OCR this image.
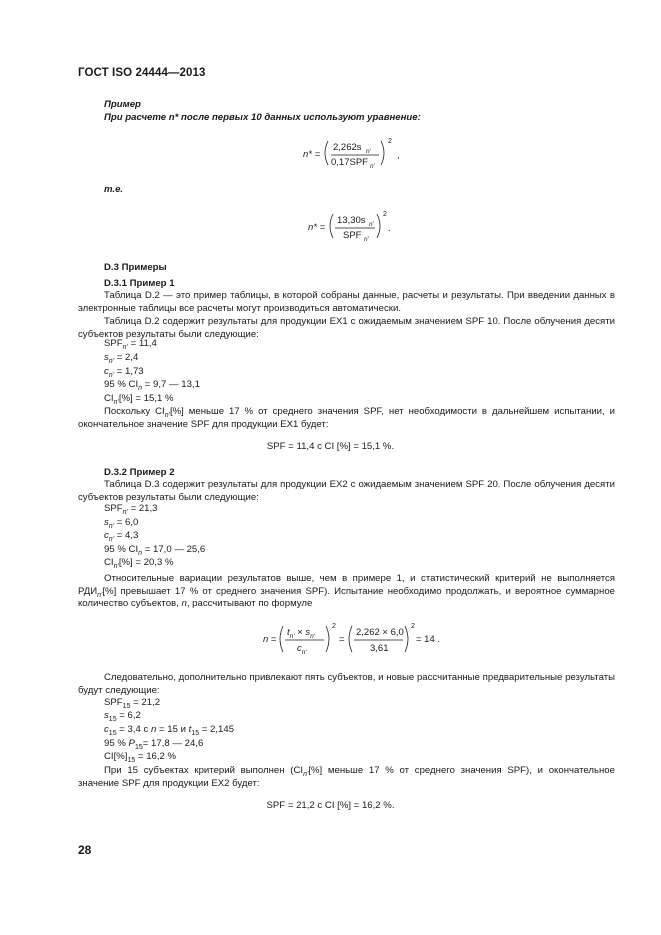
ГОСТ ISO 24444—2013
Пример
При расчете n* после первых 10 данных используют уравнение:
n* =
2,262s n'
0,17SPF n'
2
,
т.е.
n* =
13,30s n'
SPF n'
2
.
D.3 Примеры
D.3.1 Пример 1
Таблица D.2 — это пример таблицы, в которой собраны данные, расчеты и результаты. При введении данных в электронные таблицы все расчеты могут производиться автоматически.
Таблица D.2 содержит результаты для продукции ЕХ1 с ожидаемым значением SPF 10. После облучения десяти субъектов результаты были следующие:
$SPF_{n'} = 11,4$
$s_{n'} = 2,4$
$c_{n'} = 1,73$
95 % $CI_n = 9,7$ — 13,1
$CI_{n'}[\%] = 15,1$ %
Поскольку $CI_{n'}[\%]$ меньше 17 % от среднего значения SPF, нет необходимости в дальнейшем испытании, и окончательное значение SPF для продукции ЕХ1 будет:
SPF = 11,4 с CI [%] = 15,1 %.
D.3.2 Пример 2
Таблица D.3 содержит результаты для продукции ЕХ2 с ожидаемым значением SPF 20. После облучения десяти субъектов результаты были следующие:
$SPF_{n'} = 21,3$
$s_{n'} = 6,0$
$c_{n'} = 4,3$
95 % $CI_n = 17,0$ — 25,6
$CI_{n'}[\%] = 20,3$ %
Относительные вариации результатов выше, чем в примере 1, и статистический критерий не выполняется $РДИ_{n'}[\%]$ превышает 17 % от среднего значения SPF). Испытание необходимо продолжать, и вероятное суммарное количество субъектов, n, рассчитывают по формуле
n =
$t_{n'} \times s_{n'}$
$c_{n'}$
2
=
2,262 × 6,0
3,61
2
= 14 .
Следовательно, дополнительно привлекают пять субъектов, и новые рассчитанные предварительные результаты будут следующие:
$SPF_{15} = 21,2$
$s_{15} = 6,2$
$c_{15} = 3,4$ с n = 15 и $t_{15} = 2,145$
95 % $P_{15}= 17,8$ — 24,6
$CI[\%]_{15} = 16,2$ %
При 15 субъектах критерий выполнен ($CI_{n'}[\%]$ меньше 17 % от среднего значения SPF), и окончательное значение SPF для продукции ЕХ2 будет:
SPF = 21,2 с CI [%] = 16,2 %.
28
